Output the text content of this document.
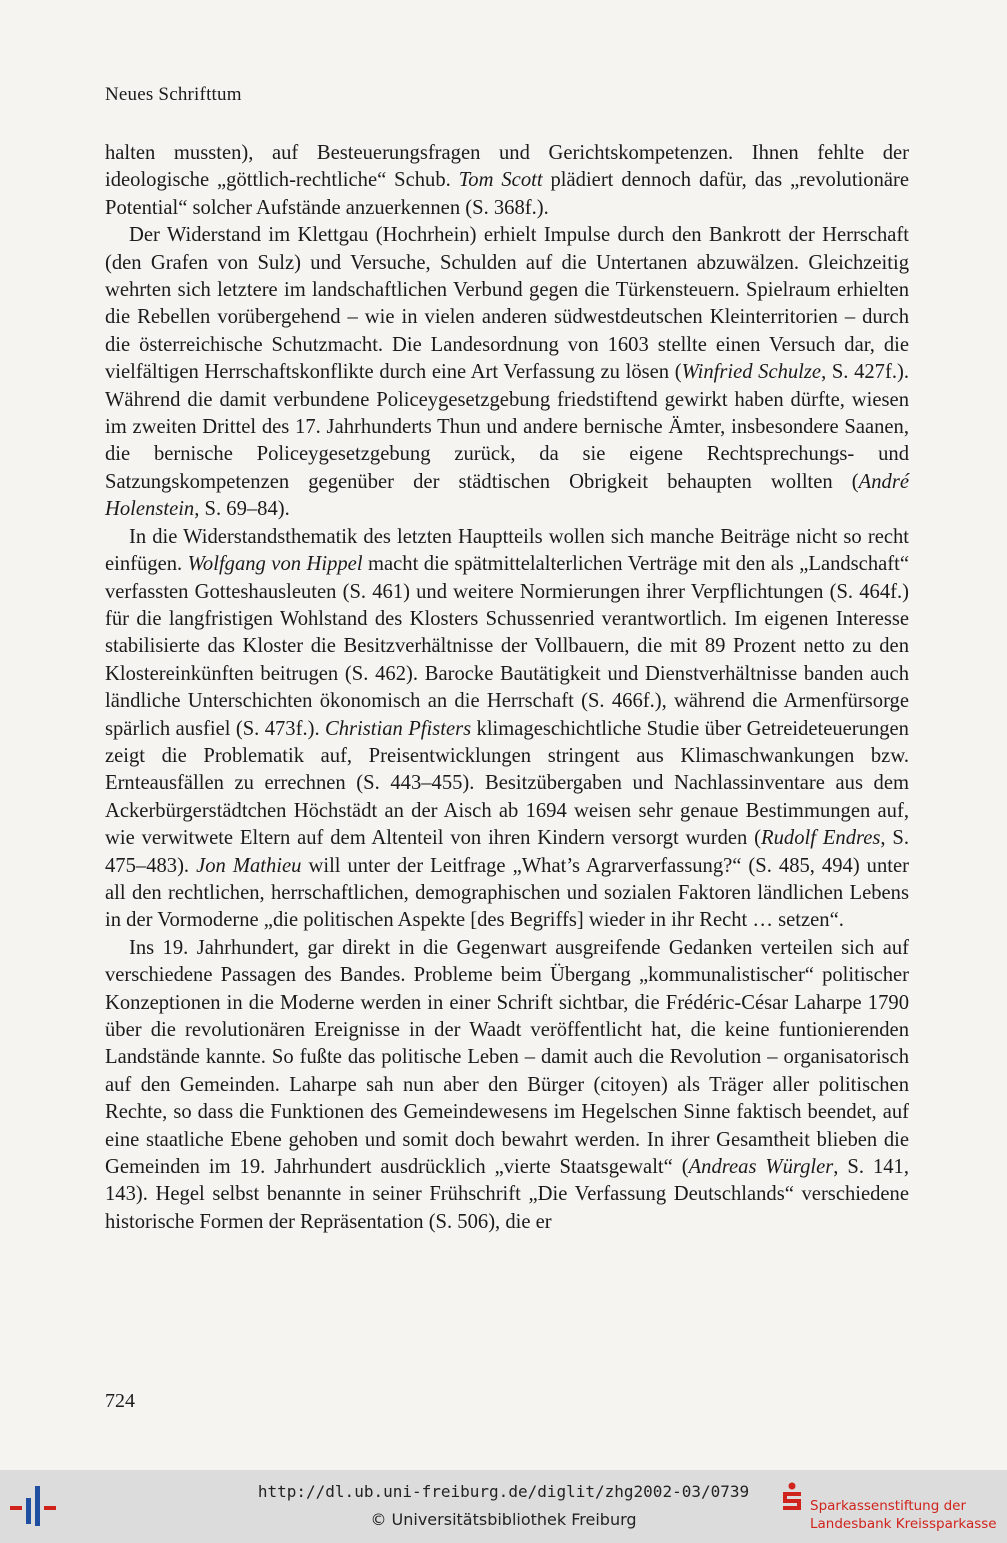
Neues Schrifttum

halten mussten), auf Besteuerungsfragen und Gerichtskompetenzen. Ihnen fehlte der ideologische „göttlich-rechtliche“ Schub. Tom Scott plädiert dennoch dafür, das „revolutionäre Potential“ solcher Aufstände anzuerkennen (S. 368f.).

Der Widerstand im Klettgau (Hochrhein) erhielt Impulse durch den Bankrott der Herrschaft (den Grafen von Sulz) und Versuche, Schulden auf die Untertanen abzuwälzen. Gleichzeitig wehrten sich letztere im landschaftlichen Verbund gegen die Türkensteuern. Spielraum erhielten die Rebellen vorübergehend – wie in vielen anderen südwestdeutschen Kleinterritorien – durch die österreichische Schutzmacht. Die Landesordnung von 1603 stellte einen Versuch dar, die vielfältigen Herrschaftskonflikte durch eine Art Verfassung zu lösen (Winfried Schulze, S. 427f.). Während die damit verbundene Policeygesetzgebung friedstiftend gewirkt haben dürfte, wiesen im zweiten Drittel des 17. Jahrhunderts Thun und andere bernische Ämter, insbesondere Saanen, die bernische Policeygesetzgebung zurück, da sie eigene Rechtsprechungs- und Satzungskompetenzen gegenüber der städtischen Obrigkeit behaupten wollten (André Holenstein, S. 69–84).

In die Widerstandsthematik des letzten Hauptteils wollen sich manche Beiträge nicht so recht einfügen. Wolfgang von Hippel macht die spätmittelalterlichen Verträge mit den als „Landschaft“ verfassten Gotteshausleuten (S. 461) und weitere Normierungen ihrer Verpflichtungen (S. 464f.) für die langfristigen Wohlstand des Klosters Schussenried verantwortlich. Im eigenen Interesse stabilisierte das Kloster die Besitzverhältnisse der Vollbauern, die mit 89 Prozent netto zu den Klostereinkünften beitrugen (S. 462). Barocke Bautätigkeit und Dienstverhältnisse banden auch ländliche Unterschichten ökonomisch an die Herrschaft (S. 466f.), während die Armenfürsorge spärlich ausfiel (S. 473f.). Christian Pfisters klimageschichtliche Studie über Getreideteuerungen zeigt die Problematik auf, Preisentwicklungen stringent aus Klimaschwankungen bzw. Ernteausfällen zu errechnen (S. 443–455). Besitzübergaben und Nachlassinventare aus dem Ackerbürgerstädtchen Höchstädt an der Aisch ab 1694 weisen sehr genaue Bestimmungen auf, wie verwitwete Eltern auf dem Altenteil von ihren Kindern versorgt wurden (Rudolf Endres, S. 475–483). Jon Mathieu will unter der Leitfrage „What’s Agrarverfassung?“ (S. 485, 494) unter all den rechtlichen, herrschaftlichen, demographischen und sozialen Faktoren ländlichen Lebens in der Vormoderne „die politischen Aspekte [des Begriffs] wieder in ihr Recht … setzen“.

Ins 19. Jahrhundert, gar direkt in die Gegenwart ausgreifende Gedanken verteilen sich auf verschiedene Passagen des Bandes. Probleme beim Übergang „kommunalistischer“ politischer Konzeptionen in die Moderne werden in einer Schrift sichtbar, die Frédéric-César Laharpe 1790 über die revolutionären Ereignisse in der Waadt veröffentlicht hat, die keine funtionierenden Landstände kannte. So fußte das politische Leben – damit auch die Revolution – organisatorisch auf den Gemeinden. Laharpe sah nun aber den Bürger (citoyen) als Träger aller politischen Rechte, so dass die Funktionen des Gemeindewesens im Hegelschen Sinne faktisch beendet, auf eine staatliche Ebene gehoben und somit doch bewahrt werden. In ihrer Gesamtheit blieben die Gemeinden im 19. Jahrhundert ausdrücklich „vierte Staatsgewalt“ (Andreas Würgler, S. 141, 143). Hegel selbst benannte in seiner Frühschrift „Die Verfassung Deutschlands“ verschiedene historische Formen der Repräsentation (S. 506), die er

724
http://dl.ub.uni-freiburg.de/diglit/zhg2002-03/0739
© Universitätsbibliothek Freiburg
Sparkassenstiftung der
Landesbank Kreissparkasse
